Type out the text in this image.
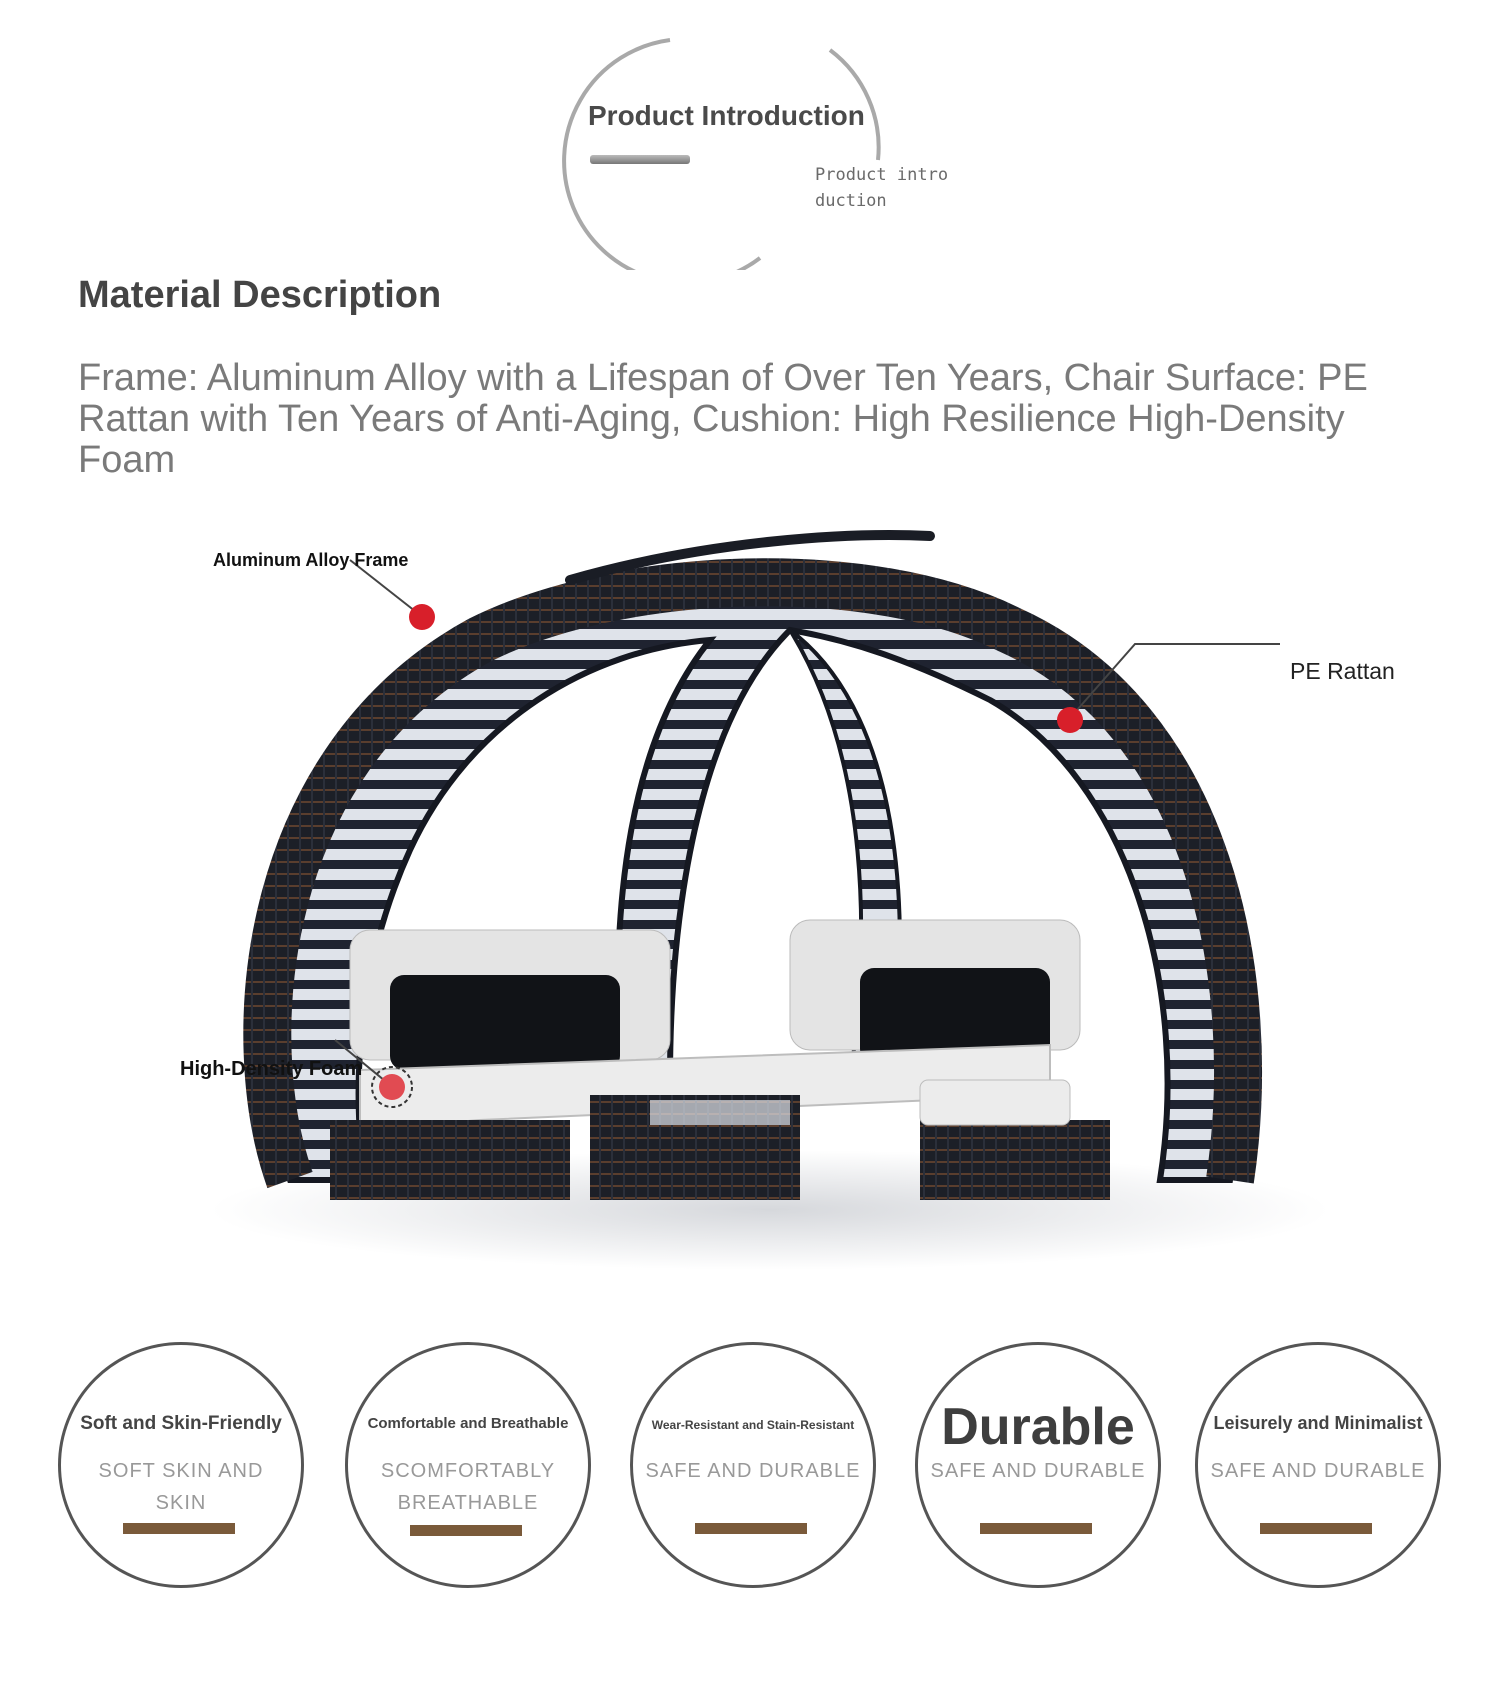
Product Introduction
Product introduction
Material Description
Frame: Aluminum Alloy with a Lifespan of Over Ten Years, Chair Surface: PE Rattan with Ten Years of Anti-Aging, Cushion: High Resilience High-Density Foam
Aluminum Alloy Frame
PE Rattan
High-Density Foam
Soft and Skin-Friendly
SOFT SKIN AND SKIN
Comfortable and Breathable
SCOMFORTABLY BREATHABLE
Wear-Resistant and Stain-Resistant
SAFE AND DURABLE
Durable
SAFE AND DURABLE
Leisurely and Minimalist
SAFE AND DURABLE
